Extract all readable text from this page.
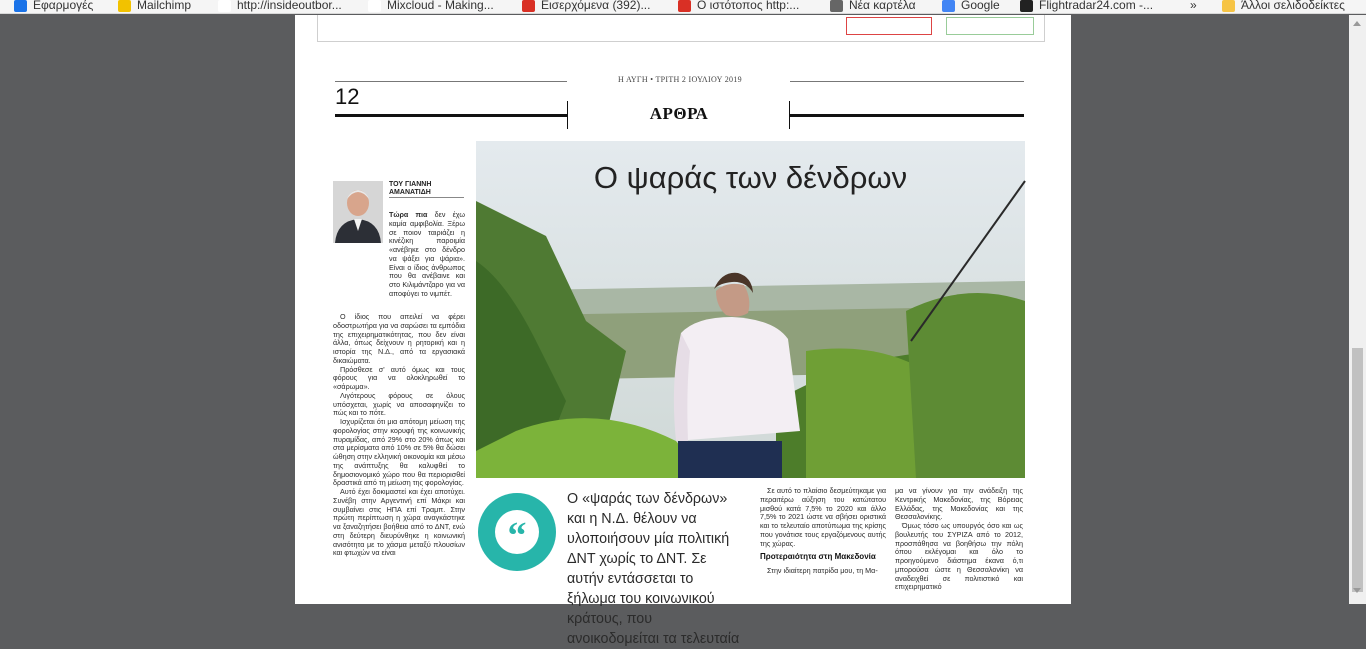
Εφαρμογές	Mailchimp	http://insideoutbor...	Mixcloud - Making...	Εισερχόμενα (392)...	Ο ιστότοπος http:...	Νέα καρτέλα	Google	Flightradar24.com -...	»	Άλλοι σελιδοδείκτες
Η ΑΥΓΗ • ΤΡΙΤΗ 2 ΙΟΥΛΙΟΥ 2019
12
ΑΡΘΡΑ
ΤΟΥ ΓΙΑΝΝΗ ΑΜΑΝΑΤΙΔΗ
Τώρα πια δεν έχω καμία αμφιβολία. Ξέρω σε ποιον ταιριάζει η κινέζικη παροιμία «ανέβηκε στο δένδρο να ψάξει για ψάρια». Είναι ο ίδιος άνθρωπος που θα ανέβαινε και στο Κιλιμάντζαρο για να αποφύγει το νιμπέτ.

Ο ίδιος που απειλεί να φέρει οδοστρωτήρα για να σαρώσει τα εμπόδια της επιχειρηματικότητας, που δεν είναι άλλα, όπως δείχνουν η ρητορική και η ιστορία της Ν.Δ., από τα εργασιακά δικαιώματα.

Πρόσθεσε σ' αυτό όμως και τους φόρους για να ολοκληρωθεί το «σάρωμα».

Λιγότερους φόρους σε όλους υπόσχεται, χωρίς να αποσαφηνίζει το πώς και το πότε.

Ισχυρίζεται ότι μια απότομη μείωση της φορολογίας στην κορυφή της κοινωνικής πυραμίδας, από 29% στο 20% όπως και στα μερίσματα από 10% σε 5% θα δώσει ώθηση στην ελληνική οικονομία και μέσω της ανάπτυξης θα καλυφθεί το δημοσιονομικό χώρο που θα περιορισθεί δραστικά από τη μείωση της φορολογίας.

Αυτό έχει δοκιμαστεί και έχει αποτύχει. Συνέβη στην Αργεντινή επί Μάκρι και συμβαίνει στις ΗΠΑ επί Τραμπ. Στην πρώτη περίπτωση η χώρα αναγκάστηκε να ξαναζητήσει βοήθεια από το ΔΝΤ, ενώ στη δεύτερη διευρύνθηκε η κοινωνική ανισότητα με το χάσμα μεταξύ πλουσίων και φτωχών να είναι

Ο ψαράς των δένδρων
“

Ο «ψαράς των δένδρων» και η Ν.Δ. θέλουν να υλοποιήσουν μία πολιτική ΔΝΤ χωρίς το ΔΝΤ. Σε αυτήν εντάσσεται το ξήλωμα του κοινωνικού κράτους, που ανοικοδομείται τα τελευταία

Σε αυτό το πλαίσιο δεσμεύτηκαμε για περαιτέρω αύξηση του κατώτατου μισθού κατά 7,5% το 2020 και άλλο 7,5% το 2021 ώστε να σβήσει οριστικά και το τελευταίο αποτύπωμα της κρίσης που γονάτισε τους εργαζόμενους αυτής της χώρας.

Προτεραιότητα στη Μακεδονία

Στην ιδιαίτερη πατρίδα μου, τη Μα-

μα να γίνουν για την ανάδειξη της Κεντρικής Μακεδονίας, της Βόρειας Ελλάδας, της Μακεδονίας και της Θεσσαλονίκης.

Όμως τόσο ως υπουργός όσο και ως βουλευτής του ΣΥΡΙΖΑ από το 2012, προσπάθησα να βοηθήσω την πόλη όπου εκλέγομαι και όλο το προηγούμενο διάστημα έκανα ό,τι μπορούσα ώστε η Θεσσαλονίκη να αναδειχθεί σε πολιτιστικό και επιχειρηματικό
